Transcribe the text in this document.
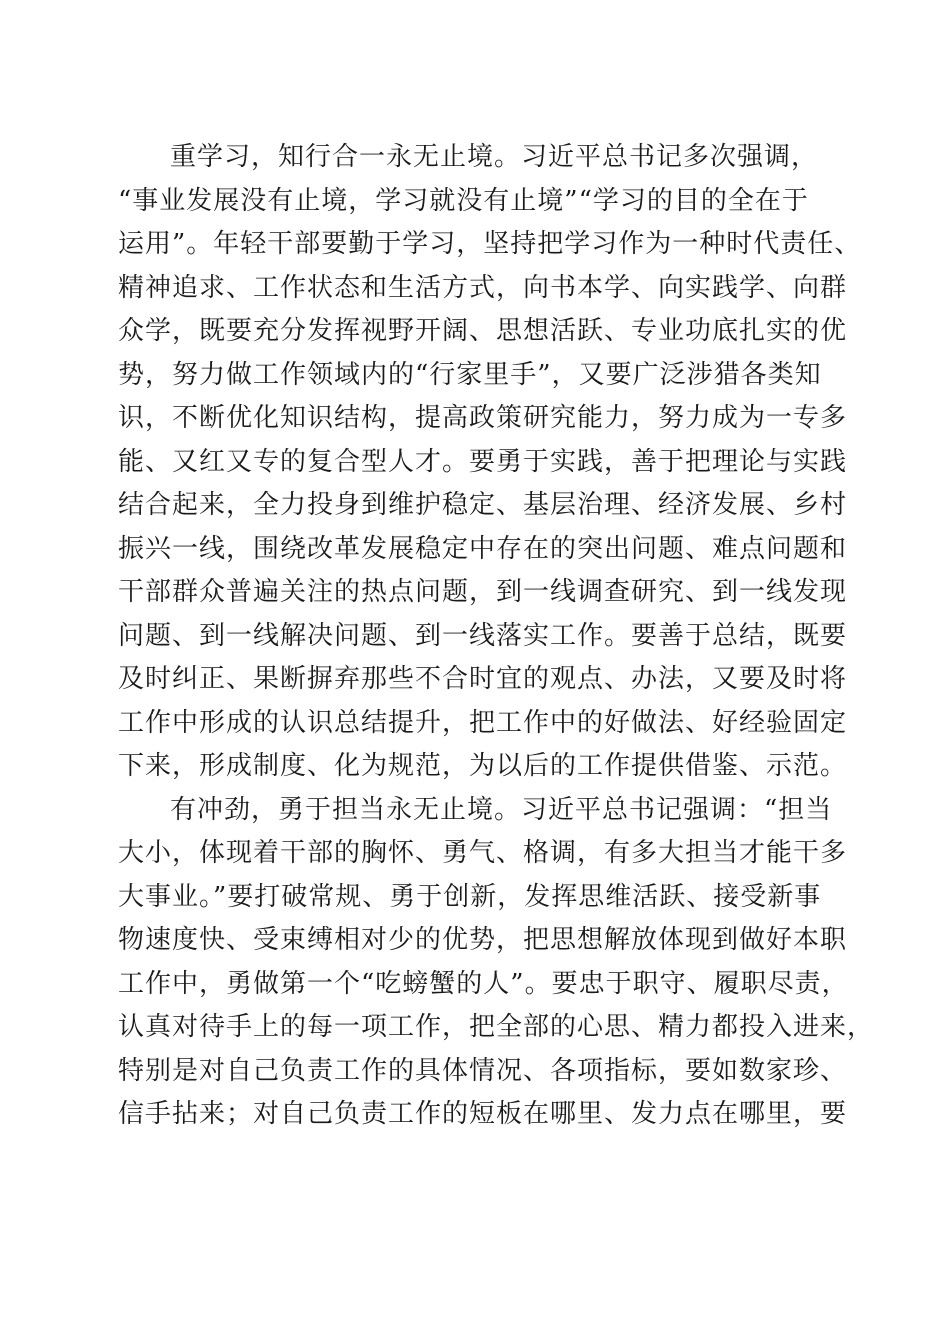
重学习，知行合一永无止境。习近平总书记多次强调，
“事业发展没有止境，学习就没有止境”“学习的目的全在于
运用”。年轻干部要勤于学习，坚持把学习作为一种时代责任、
精神追求、工作状态和生活方式，向书本学、向实践学、向群
众学，既要充分发挥视野开阔、思想活跃、专业功底扎实的优
势，努力做工作领域内的“行家里手”，又要广泛涉猎各类知
识，不断优化知识结构，提高政策研究能力，努力成为一专多
能、又红又专的复合型人才。要勇于实践，善于把理论与实践
结合起来，全力投身到维护稳定、基层治理、经济发展、乡村
振兴一线，围绕改革发展稳定中存在的突出问题、难点问题和
干部群众普遍关注的热点问题，到一线调查研究、到一线发现
问题、到一线解决问题、到一线落实工作。要善于总结，既要
及时纠正、果断摒弃那些不合时宜的观点、办法，又要及时将
工作中形成的认识总结提升，把工作中的好做法、好经验固定
下来，形成制度、化为规范，为以后的工作提供借鉴、示范。
有冲劲，勇于担当永无止境。习近平总书记强调：“担当
大小，体现着干部的胸怀、勇气、格调，有多大担当才能干多
大事业。”要打破常规、勇于创新，发挥思维活跃、接受新事
物速度快、受束缚相对少的优势，把思想解放体现到做好本职
工作中，勇做第一个“吃螃蟹的人”。要忠于职守、履职尽责，
认真对待手上的每一项工作，把全部的心思、精力都投入进来，
特别是对自己负责工作的具体情况、各项指标，要如数家珍、
信手拈来；对自己负责工作的短板在哪里、发力点在哪里，要
